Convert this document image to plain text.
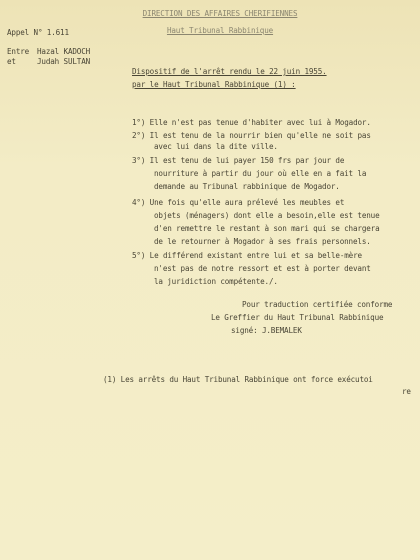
DIRECTION DES AFFAIRES CHERIFIENNES
Haut Tribunal Rabbinique
Appel N° 1.611
Entre Hazal KADOCH
et	Judah SULTAN
Dispositif de l'arrêt rendu le 22 juin 1955.
par le Haut Tribunal Rabbinique (1) :
1°) Elle n'est pas tenue d'habiter avec lui à Mogador.
2°) Il est tenu de la nourrir bien qu'elle ne soit pas
avec lui dans la dite ville.
3°) Il est tenu de lui payer 150 frs par jour de
nourriture à partir du jour où elle en a fait la
demande au Tribunal rabbinique de Mogador.
4°) Une fois qu'elle aura prélevé les meubles et
objets (ménagers) dont elle a besoin,elle est tenue
d'en remettre le restant à son mari qui se chargera
de le retourner à Mogador à ses frais personnels.
5°) Le différend existant entre lui et sa belle-mère
n'est pas de notre ressort et est à porter devant
la juridiction compétente./.
Pour traduction certifiée conforme
Le Greffier du Haut Tribunal Rabbinique
signé: J.BEMALEK
(1) Les arrêts du Haut Tribunal Rabbinique ont force exécutoi
re
